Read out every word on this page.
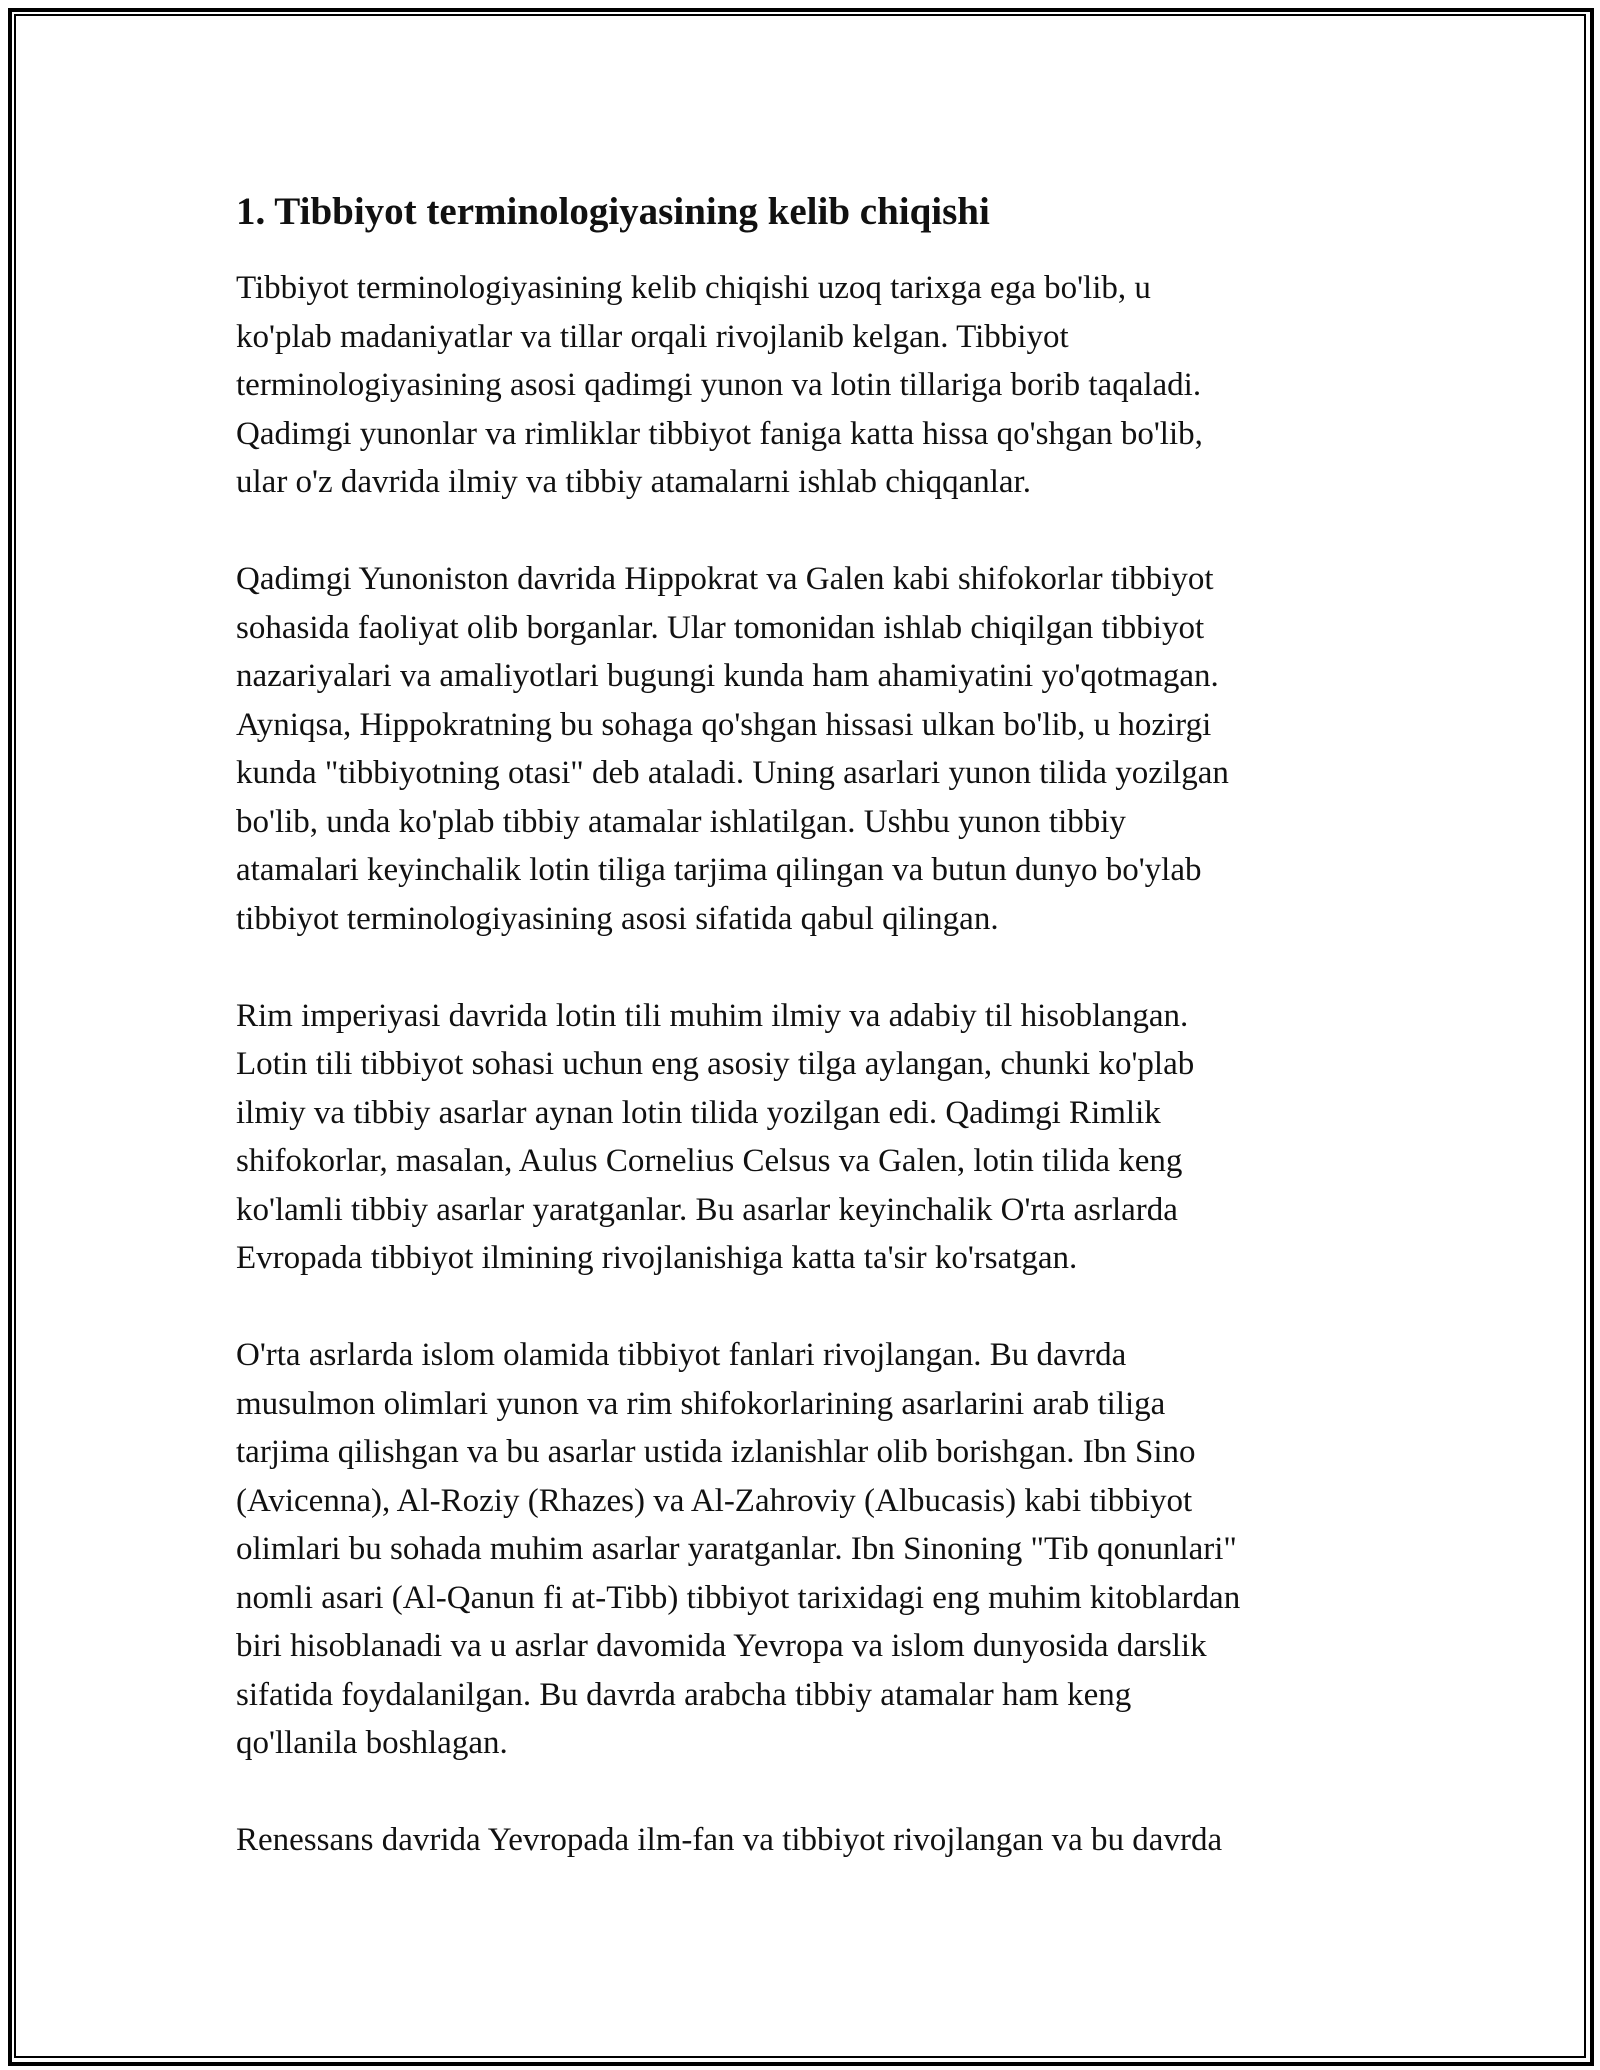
1. Tibbiyot terminologiyasining kelib chiqishi

Tibbiyot terminologiyasining kelib chiqishi uzoq tarixga ega bo'lib, u
ko'plab madaniyatlar va tillar orqali rivojlanib kelgan. Tibbiyot
terminologiyasining asosi qadimgi yunon va lotin tillariga borib taqaladi.
Qadimgi yunonlar va rimliklar tibbiyot faniga katta hissa qo'shgan bo'lib,
ular o'z davrida ilmiy va tibbiy atamalarni ishlab chiqqanlar.

Qadimgi Yunoniston davrida Hippokrat va Galen kabi shifokorlar tibbiyot
sohasida faoliyat olib borganlar. Ular tomonidan ishlab chiqilgan tibbiyot
nazariyalari va amaliyotlari bugungi kunda ham ahamiyatini yo'qotmagan.
Ayniqsa, Hippokratning bu sohaga qo'shgan hissasi ulkan bo'lib, u hozirgi
kunda "tibbiyotning otasi" deb ataladi. Uning asarlari yunon tilida yozilgan
bo'lib, unda ko'plab tibbiy atamalar ishlatilgan. Ushbu yunon tibbiy
atamalari keyinchalik lotin tiliga tarjima qilingan va butun dunyo bo'ylab
tibbiyot terminologiyasining asosi sifatida qabul qilingan.

Rim imperiyasi davrida lotin tili muhim ilmiy va adabiy til hisoblangan.
Lotin tili tibbiyot sohasi uchun eng asosiy tilga aylangan, chunki ko'plab
ilmiy va tibbiy asarlar aynan lotin tilida yozilgan edi. Qadimgi Rimlik
shifokorlar, masalan, Aulus Cornelius Celsus va Galen, lotin tilida keng
ko'lamli tibbiy asarlar yaratganlar. Bu asarlar keyinchalik O'rta asrlarda
Evropada tibbiyot ilmining rivojlanishiga katta ta'sir ko'rsatgan.

O'rta asrlarda islom olamida tibbiyot fanlari rivojlangan. Bu davrda
musulmon olimlari yunon va rim shifokorlarining asarlarini arab tiliga
tarjima qilishgan va bu asarlar ustida izlanishlar olib borishgan. Ibn Sino
(Avicenna), Al-Roziy (Rhazes) va Al-Zahroviy (Albucasis) kabi tibbiyot
olimlari bu sohada muhim asarlar yaratganlar. Ibn Sinoning "Tib qonunlari"
nomli asari (Al-Qanun fi at-Tibb) tibbiyot tarixidagi eng muhim kitoblardan
biri hisoblanadi va u asrlar davomida Yevropa va islom dunyosida darslik
sifatida foydalanilgan. Bu davrda arabcha tibbiy atamalar ham keng
qo'llanila boshlagan.

Renessans davrida Yevropada ilm-fan va tibbiyot rivojlangan va bu davrda
